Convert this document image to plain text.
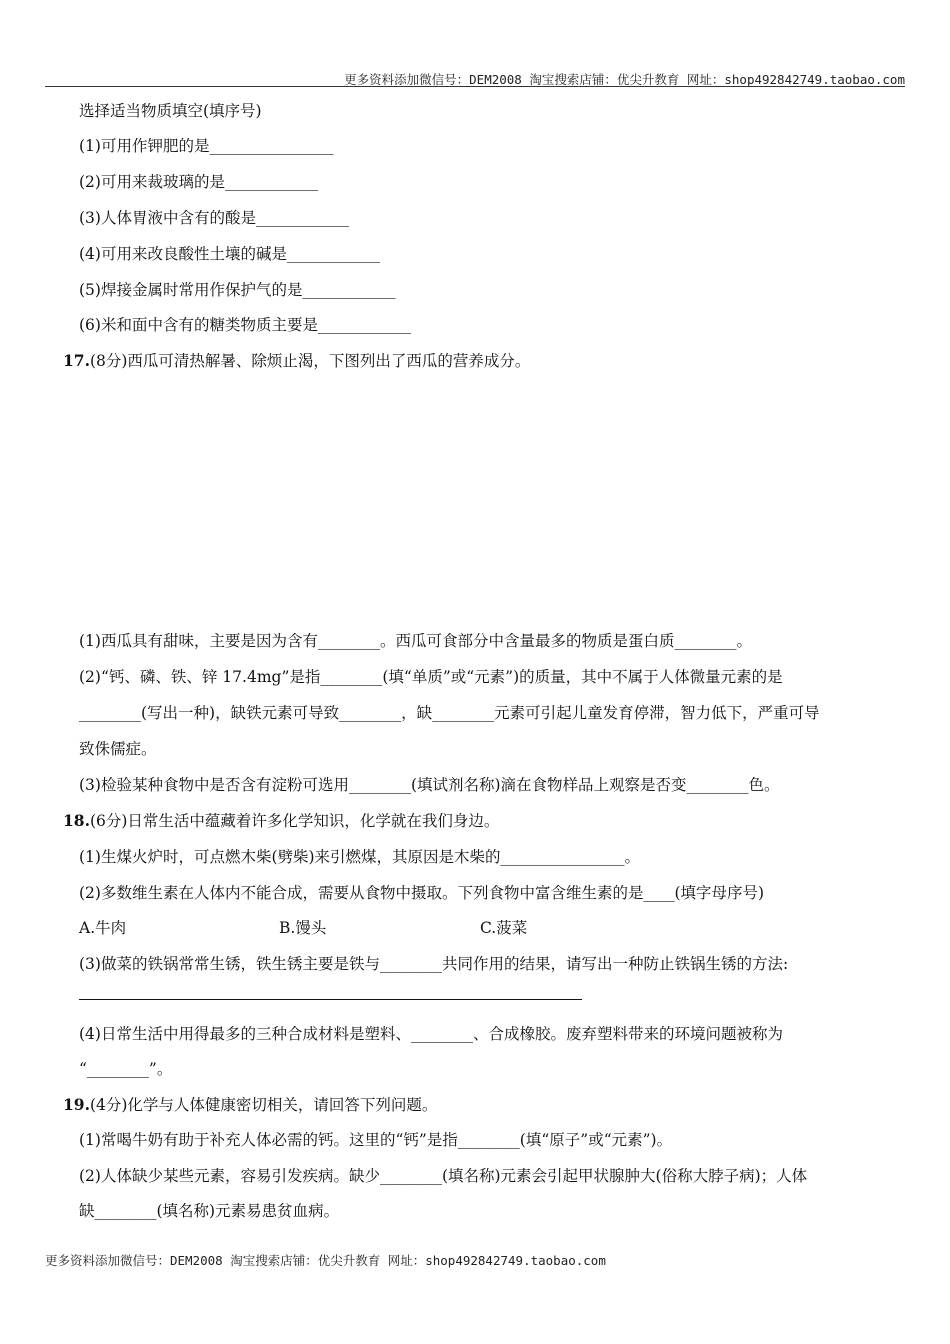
更多资料添加微信号：DEM2008 淘宝搜索店铺：优尖升教育 网址：shop492842749.taobao.com
选择适当物质填空(填序号)
(1)可用作钾肥的是________________
(2)可用来裁玻璃的是____________
(3)人体胃液中含有的酸是____________
(4)可用来改良酸性土壤的碱是____________
(5)焊接金属时常用作保护气的是____________
(6)米和面中含有的糖类物质主要是____________
17.(8分)西瓜可清热解暑、除烦止渴，下图列出了西瓜的营养成分。
(1)西瓜具有甜味，主要是因为含有________。西瓜可食部分中含量最多的物质是蛋白质________。
(2)“钙、磷、铁、锌 17.4mg”是指________(填“单质”或“元素”)的质量，其中不属于人体微量元素的是
________(写出一种)，缺铁元素可导致________，缺________元素可引起儿童发育停滞，智力低下，严重可导
致侏儒症。
(3)检验某种食物中是否含有淀粉可选用________(填试剂名称)滴在食物样品上观察是否变________色。
18.(6分)日常生活中蕴藏着许多化学知识，化学就在我们身边。
(1)生煤火炉时，可点燃木柴(劈柴)来引燃煤，其原因是木柴的________________。
(2)多数维生素在人体内不能合成，需要从食物中摄取。下列食物中富含维生素的是____(填字母序号)
A.牛肉	B.馒头	C.菠菜
(3)做菜的铁锅常常生锈，铁生锈主要是铁与________共同作用的结果，请写出一种防止铁锅生锈的方法:
(4)日常生活中用得最多的三种合成材料是塑料、________、合成橡胶。废弃塑料带来的环境问题被称为
“________”。
19.(4分)化学与人体健康密切相关，请回答下列问题。
(1)常喝牛奶有助于补充人体必需的钙。这里的“钙”是指________(填“原子”或“元素”)。
(2)人体缺少某些元素，容易引发疾病。缺少________(填名称)元素会引起甲状腺肿大(俗称大脖子病)；人体
缺________(填名称)元素易患贫血病。
更多资料添加微信号：DEM2008 淘宝搜索店铺：优尖升教育 网址：shop492842749.taobao.com
